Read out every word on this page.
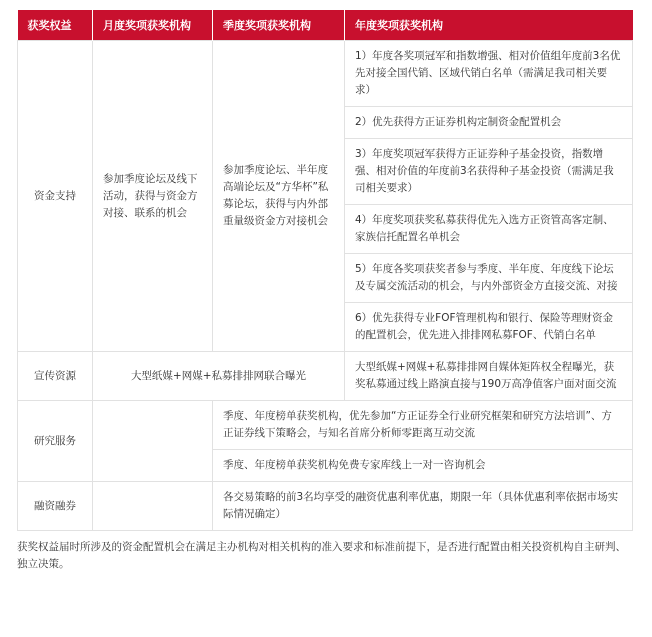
获奖权益	月度奖项获奖机构	季度奖项获奖机构	年度奖项获奖机构
资金支持	参加季度论坛及线下活动，获得与资金方对接、联系的机会	参加季度论坛、半年度高端论坛及“方华杯”私募论坛，获得与内外部重量级资金方对接机会	1）年度各奖项冠军和指数增强、相对价值组年度前3名优先对接全国代销、区域代销白名单（需满足我司相关要求）
			2）优先获得方正证券机构定制资金配置机会
			3）年度奖项冠军获得方正证券种子基金投资，指数增强、相对价值的年度前3名获得种子基金投资（需满足我司相关要求）
			4）年度奖项获奖私募获得优先入选方正资管高客定制、家族信托配置名单机会
			5）年度各奖项获奖者参与季度、半年度、年度线下论坛及专属交流活动的机会，与内外部资金方直接交流、对接
			6）优先获得专业FOF管理机构和银行、保险等理财资金的配置机会，优先进入排排网私募FOF、代销白名单
宣传资源	大型纸媒+网媒+私募排排网联合曝光		大型纸媒+网媒+私募排排网自媒体矩阵权全程曝光，获奖私募通过线上路演直接与190万高净值客户面对面交流
研究服务		季度、年度榜单获奖机构，优先参加“方正证券全行业研究框架和研究方法培训”、方正证券线下策略会，与知名首席分析师零距离互动交流	
		季度、年度榜单获奖机构免费专家库线上一对一咨询机会	
融资融券		各交易策略的前3名均享受的融资优惠利率优惠，期限一年（具体优惠利率依据市场实际情况确定）	
获奖权益届时所涉及的资金配置机会在满足主办机构对相关机构的准入要求和标准前提下，是否进行配置由相关投资机构自主研判、独立决策。
